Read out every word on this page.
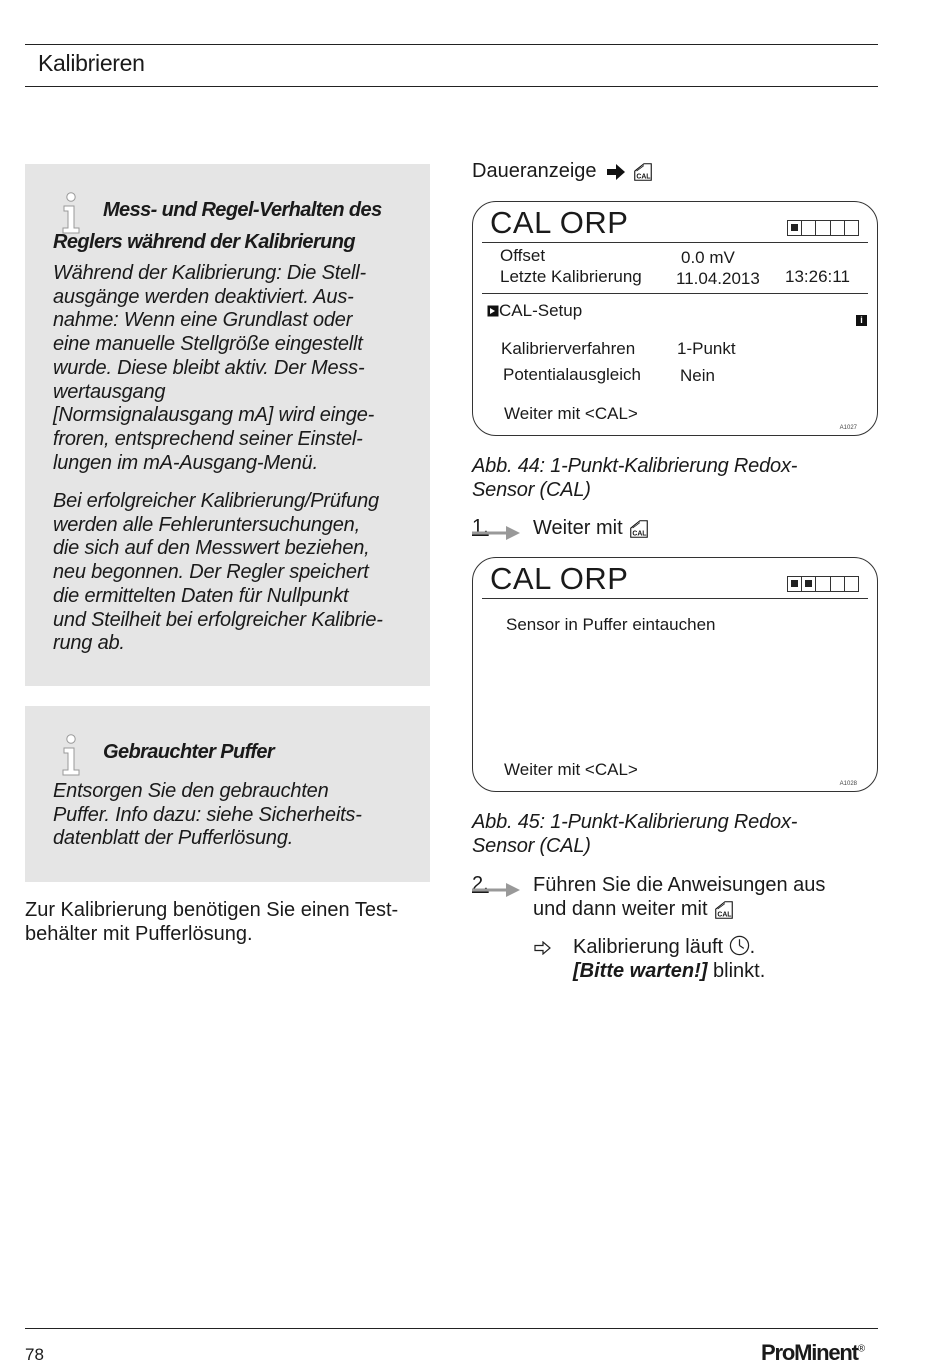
Kalibrieren
Mess- und Regel-Verhalten des
Reglers während der Kalibrierung
Während der Kalibrierung: Die Stell-
ausgänge werden deaktiviert. Aus-
nahme: Wenn eine Grundlast oder
eine manuelle Stellgröße eingestellt
wurde. Diese bleibt aktiv. Der Mess-
wertausgang
[Normsignalausgang mA] wird einge-
froren, entsprechend seiner Einstel-
lungen im mA-Ausgang-Menü.
Bei erfolgreicher Kalibrierung/Prüfung
werden alle Fehleruntersuchungen,
die sich auf den Messwert beziehen,
neu begonnen. Der Regler speichert
die ermittelten Daten für Nullpunkt
und Steilheit bei erfolgreicher Kalibrie-
rung ab.
Gebrauchter Puffer
Entsorgen Sie den gebrauchten
Puffer. Info dazu: siehe Sicherheits-
datenblatt der Pufferlösung.
Zur Kalibrierung benötigen Sie einen Test-
behälter mit Pufferlösung.
Daueranzeige	CAL
CAL ORP
Offset	0.0 mV
Letzte Kalibrierung 11.04.2013 13:26:11
CAL-Setup	i
Kalibrierverfahren 1-Punkt
Potentialausgleich Nein
Weiter mit <CAL>
A1027
Abb. 44: 1-Punkt-Kalibrierung Redox-
Sensor (CAL)
1. Weiter mit CAL
CAL ORP
Sensor in Puffer eintauchen
Weiter mit <CAL>
A1028
Abb. 45: 1-Punkt-Kalibrierung Redox-
Sensor (CAL)
2. Führen Sie die Anweisungen aus
und dann weiter mit CAL
Kalibrierung läuft .
[Bitte warten!] blinkt.
78	ProMinent®
